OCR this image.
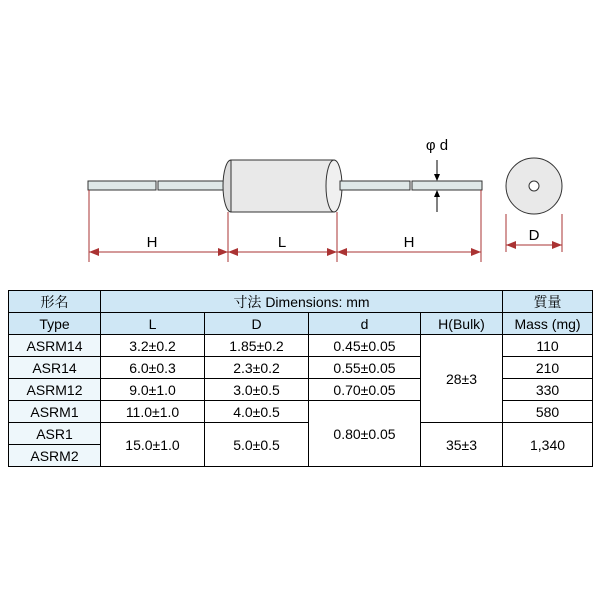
φ d
H	L	H	D
形名	寸法 Dimensions: mm				質量
Type	L	D	d	H(Bulk)	Mass (mg)
ASRM14	3.2±0.2	1.85±0.2	0.45±0.05	28±3	110
ASR14	6.0±0.3	2.3±0.2	0.55±0.05		210
ASRM12	9.0±1.0	3.0±0.5	0.70±0.05		330
ASRM1	11.0±1.0	4.0±0.5	0.80±0.05		580
ASR1	15.0±1.0	5.0±0.5		35±3	1,340
ASRM2					
